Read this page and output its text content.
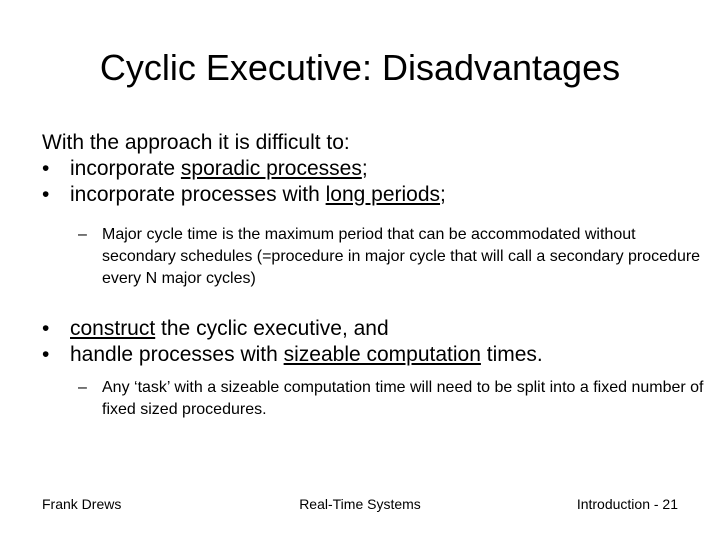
Cyclic Executive: Disadvantages
With the approach it is difficult to:
• incorporate sporadic processes;
• incorporate processes with long periods;
– Major cycle time is the maximum period that can be accommodated without secondary schedules (=procedure in major cycle that will call a secondary procedure every N major cycles)
• construct the cyclic executive, and
• handle processes with sizeable computation times.
– Any ‘task’ with a sizeable computation time will need to be split into a fixed number of fixed sized procedures.
Frank Drews	Real-Time Systems	Introduction - 21
